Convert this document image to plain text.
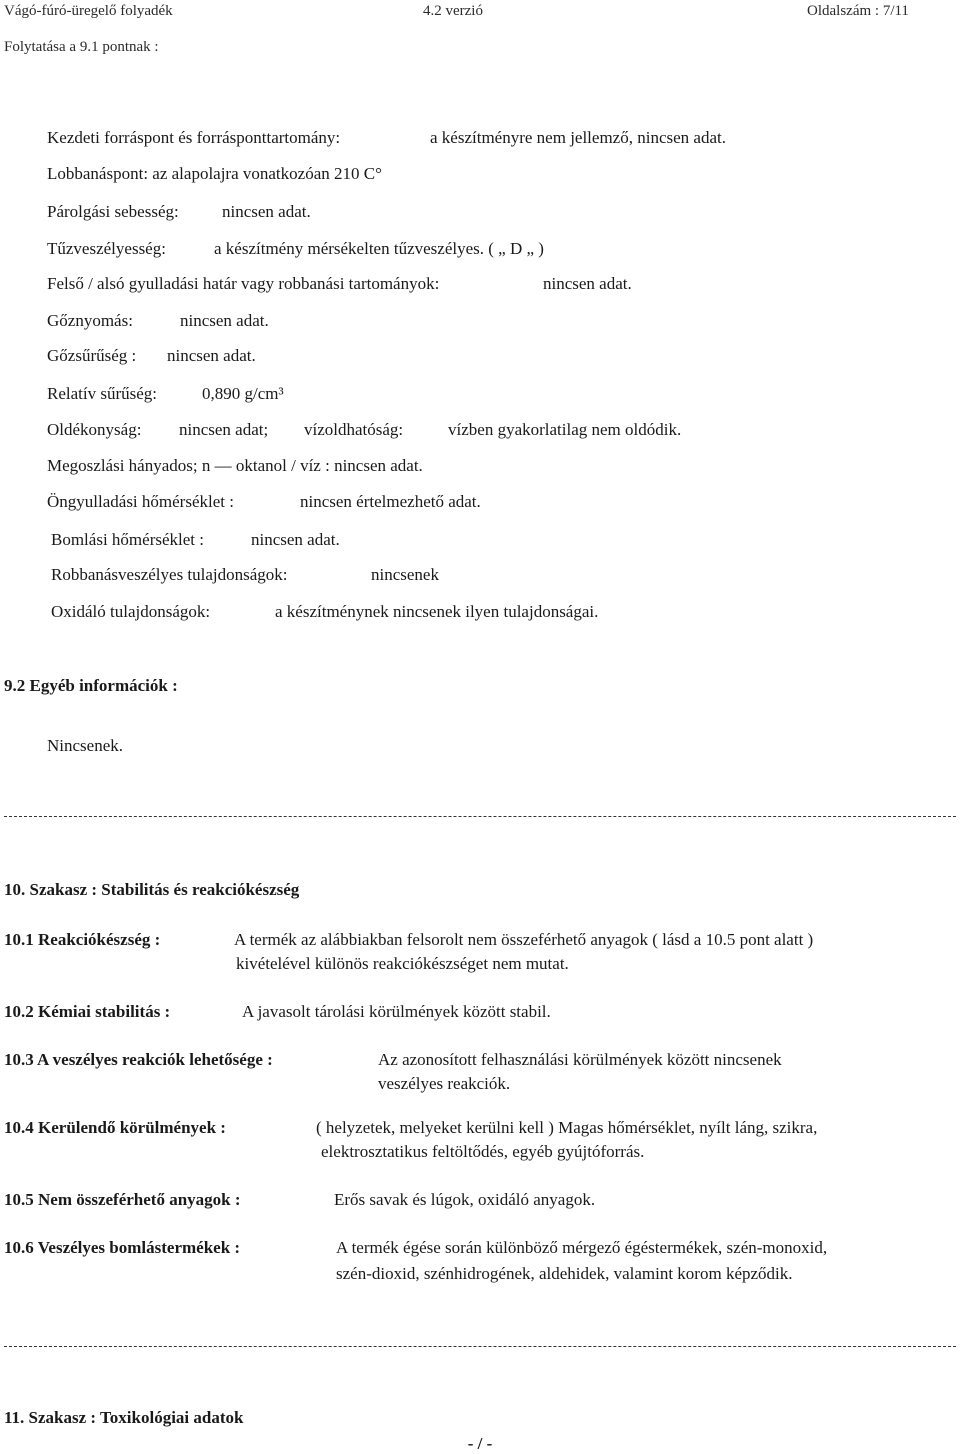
Vágó-fúró-üregelő folyadék	4.2 verzió	Oldalszám : 7/11
Folytatása a 9.1 pontnak :
Kezdeti forráspont és forrásponttartomány:	a készítményre nem jellemző, nincsen adat.
Lobbanáspont: az alapolajra vonatkozóan 210 C°
Párolgási sebesség:	nincsen adat.
Tűzveszélyesség:	a készítmény mérsékelten tűzveszélyes. ( „ D „ )
Felső / alsó gyulladási határ vagy robbanási tartományok:	nincsen adat.
Gőznyomás:	nincsen adat.
Gőzsűrűség : nincsen adat.
Relatív sűrűség:	0,890 g/cm³
Oldékonyság: nincsen adat; vízoldhatóság:	vízben gyakorlatilag nem oldódik.
Megoszlási hányados; n — oktanol / víz : nincsen adat.
Öngyulladási hőmérséklet :	nincsen értelmezhető adat.
Bomlási hőmérséklet :	nincsen adat.
Robbanásveszélyes tulajdonságok:	nincsenek
Oxidáló tulajdonságok:	a készítménynek nincsenek ilyen tulajdonságai.
9.2 Egyéb információk :
Nincsenek.
10. Szakasz : Stabilitás és reakciókészség
10.1 Reakciókészség :	A termék az alábbiakban felsorolt nem összeférhető anyagok ( lásd a 10.5 pont alatt )
kivételével különös reakciókészséget nem mutat.
10.2 Kémiai stabilitás :	A javasolt tárolási körülmények között stabil.
10.3 A veszélyes reakciók lehetősége :	Az azonosított felhasználási körülmények között nincsenek
veszélyes reakciók.
10.4 Kerülendő körülmények :	( helyzetek, melyeket kerülni kell ) Magas hőmérséklet, nyílt láng, szikra,
elektrosztatikus feltöltődés, egyéb gyújtóforrás.
10.5 Nem összeférhető anyagok :	Erős savak és lúgok, oxidáló anyagok.
10.6 Veszélyes bomlástermékek :	A termék égése során különböző mérgező égéstermékek, szén-monoxid,
szén-dioxid, szénhidrogének, aldehidek, valamint korom képződik.
11. Szakasz : Toxikológiai adatok
- / -
